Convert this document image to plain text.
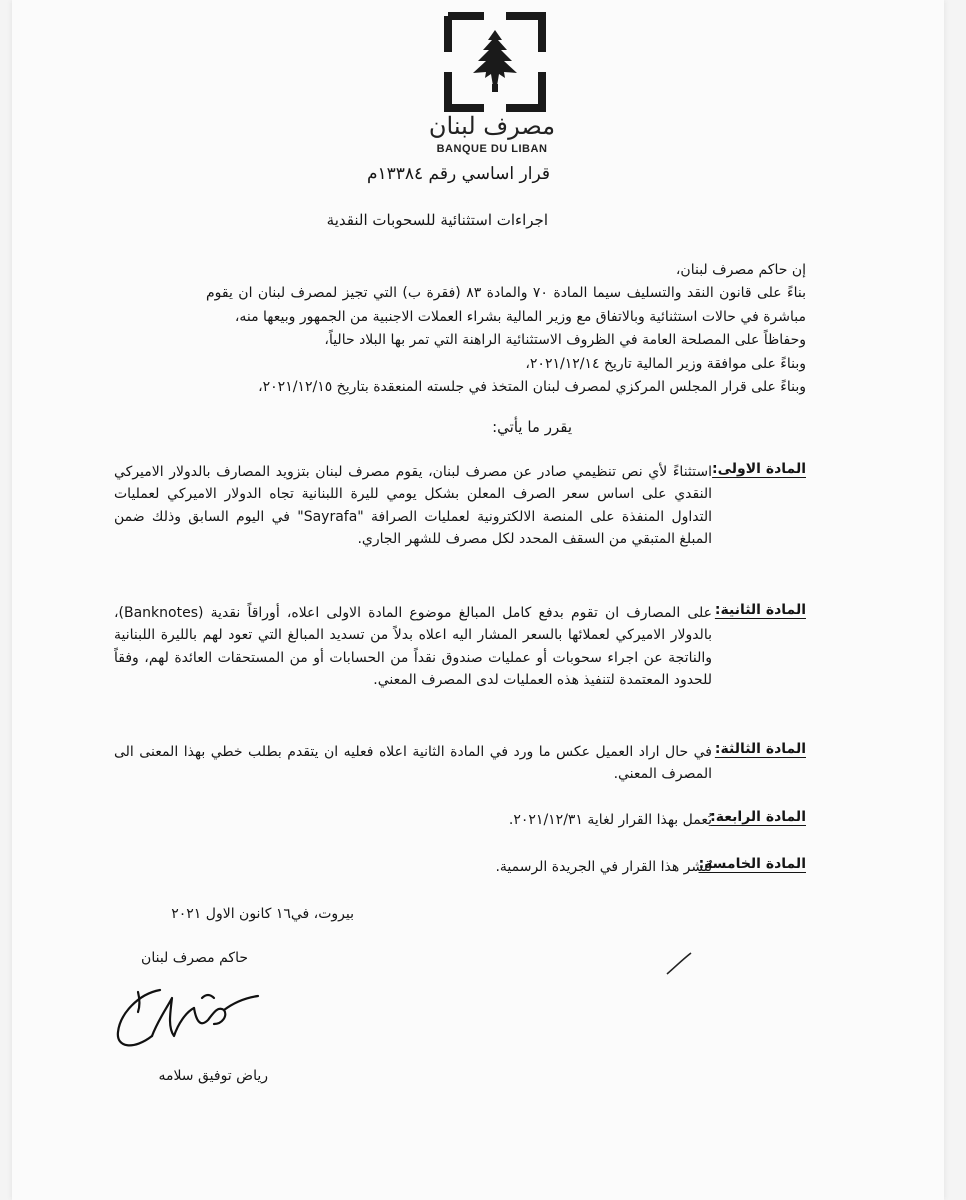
مصرف لبنان
BANQUE DU LIBAN
قرار اساسي رقم ١٣٣٨٤م
اجراءات استثنائية للسحوبات النقدية

إن حاكم مصرف لبنان،

بناءً على قانون النقد والتسليف سيما المادة ٧٠ والمادة ٨٣ (فقرة ب) التي تجيز لمصرف لبنان ان يقوم مباشرة في حالات استثنائية وبالاتفاق مع وزير المالية بشراء العملات الاجنبية من الجمهور وبيعها منه،

وحفاظاً على المصلحة العامة في الظروف الاستثنائية الراهنة التي تمر بها البلاد حالياً،

وبناءً على موافقة وزير المالية تاريخ ٢٠٢١/١٢/١٤،

وبناءً على قرار المجلس المركزي لمصرف لبنان المتخذ في جلسته المنعقدة بتاريخ ٢٠٢١/١٢/١٥،

يقرر ما يأتي:
المادة الاولى:
استثناءً لأي نص تنظيمي صادر عن مصرف لبنان، يقوم مصرف لبنان بتزويد المصارف بالدولار الاميركي النقدي على اساس سعر الصرف المعلن بشكل يومي لليرة اللبنانية تجاه الدولار الاميركي لعمليات التداول المنفذة على المنصة الالكترونية لعمليات الصرافة "Sayrafa" في اليوم السابق وذلك ضمن المبلغ المتبقي من السقف المحدد لكل مصرف للشهر الجاري.
المادة الثانية:
على المصارف ان تقوم بدفع كامل المبالغ موضوع المادة الاولى اعلاه، أوراقاً نقدية (Banknotes)، بالدولار الاميركي لعملائها بالسعر المشار اليه اعلاه بدلاً من تسديد المبالغ التي تعود لهم بالليرة اللبنانية والناتجة عن اجراء سحوبات أو عمليات صندوق نقداً من الحسابات أو من المستحقات العائدة لهم، وفقاً للحدود المعتمدة لتنفيذ هذه العمليات لدى المصرف المعني.
المادة الثالثة:
في حال اراد العميل عكس ما ورد في المادة الثانية اعلاه فعليه ان يتقدم بطلب خطي بهذا المعنى الى المصرف المعني.
المادة الرابعة:
يُعمل بهذا القرار لغاية ٢٠٢١/١٢/٣١.
المادة الخامسة:
يُنشر هذا القرار في الجريدة الرسمية.
بيروت، في١٦ كانون الاول ٢٠٢١
حاكم مصرف لبنان
رياض توفيق سلامه
